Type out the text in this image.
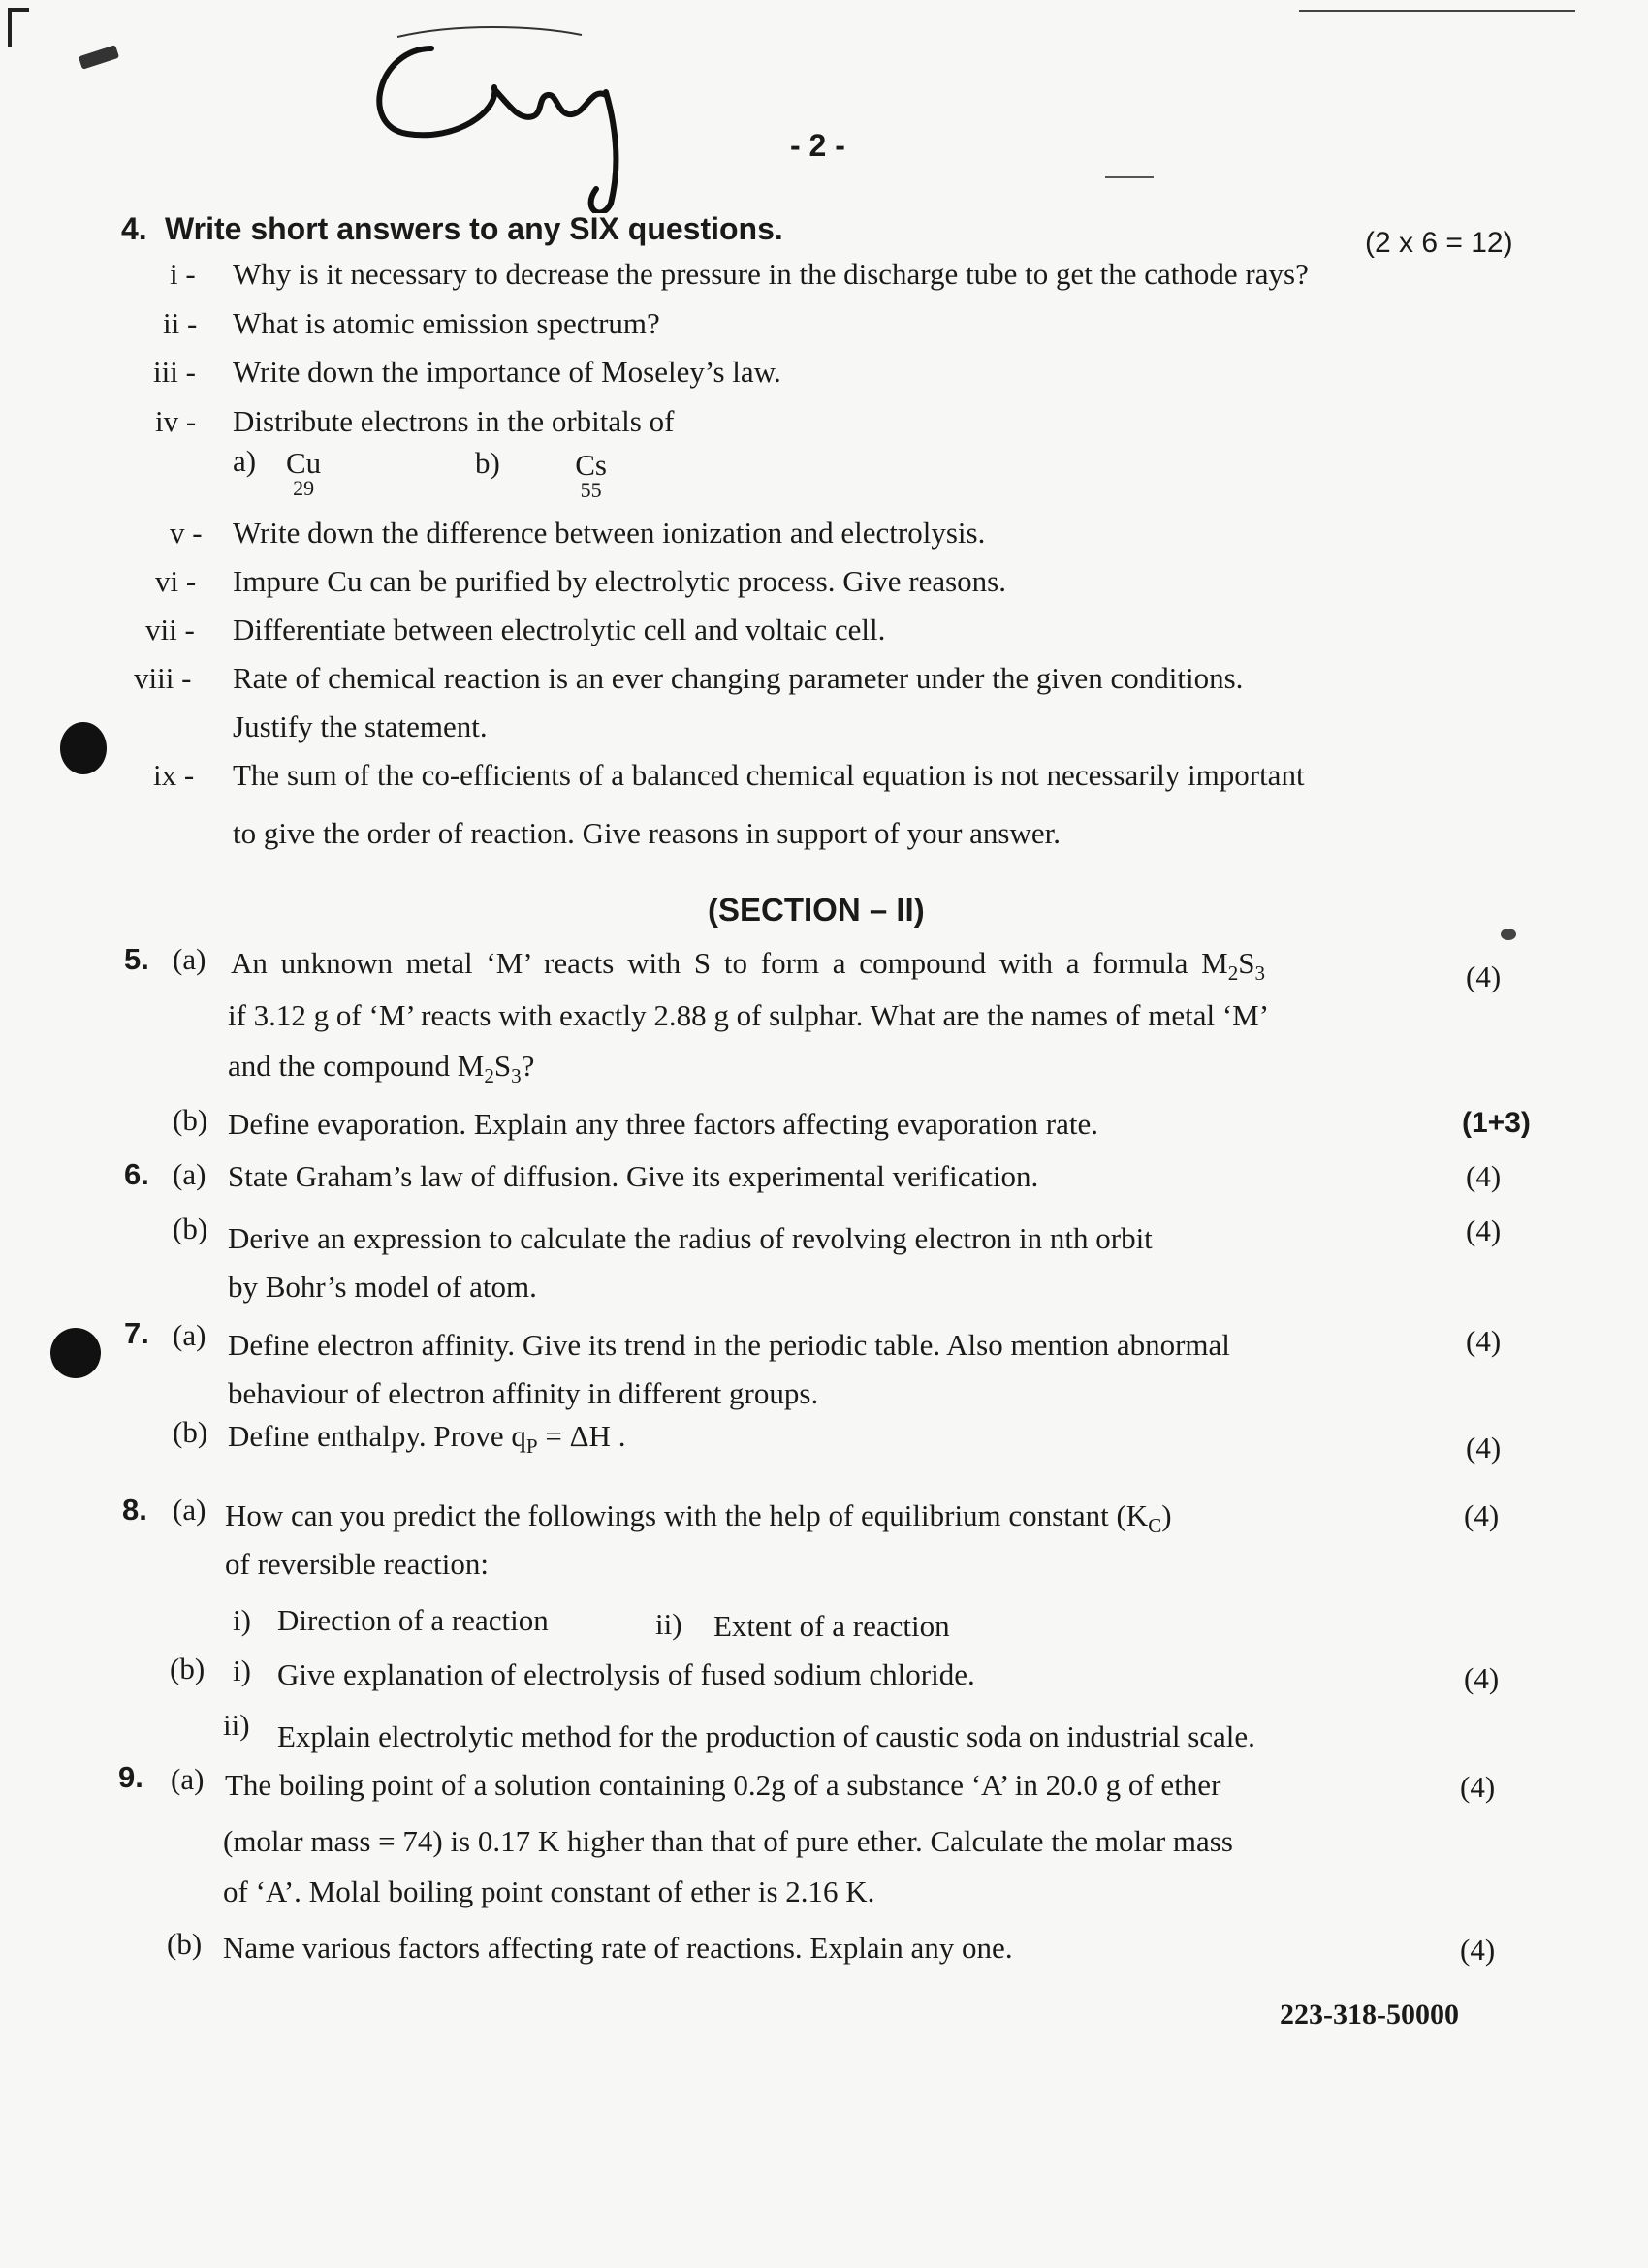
- 2 -
4. Write short answers to any SIX questions.	(2 x 6 = 12)
i - Why is it necessary to decrease the pressure in the discharge tube to get the cathode rays?
ii - What is atomic emission spectrum?
iii - Write down the importance of Moseley’s law.
iv - Distribute electrons in the orbitals of
a) Cu
29

b) Cs
55
v - Write down the difference between ionization and electrolysis.
vi - Impure Cu can be purified by electrolytic process. Give reasons.
vii - Differentiate between electrolytic cell and voltaic cell.
viii - Rate of chemical reaction is an ever changing parameter under the given conditions.
Justify the statement.
ix - The sum of the co-efficients of a balanced chemical equation is not necessarily important
to give the order of reaction. Give reasons in support of your answer.
(SECTION – II)
5. (a) An unknown metal ‘M’ reacts with S to form a compound with a formula $M_2S_3$	(4)
if 3.12 g of ‘M’ reacts with exactly 2.88 g of sulphar. What are the names of metal ‘M’
and the compound $M_2S_3$?
(b) Define evaporation. Explain any three factors affecting evaporation rate.	(1+3)
6. (a) State Graham’s law of diffusion. Give its experimental verification.	(4)
(b) Derive an expression to calculate the radius of revolving electron in nth orbit	(4)
by Bohr’s model of atom.
7. (a) Define electron affinity. Give its trend in the periodic table. Also mention abnormal	(4)
behaviour of electron affinity in different groups.
(b) Define enthalpy. Prove $q_P = \Delta H$ .	(4)
8. (a) How can you predict the followings with the help of equilibrium constant $(K_C)$	(4)
of reversible reaction:
i) Direction of a reaction	ii) Extent of a reaction
(b) i) Give explanation of electrolysis of fused sodium chloride.	(4)
ii) Explain electrolytic method for the production of caustic soda on industrial scale.
9. (a) The boiling point of a solution containing 0.2g of a substance ‘A’ in 20.0 g of ether	(4)
(molar mass = 74) is 0.17 K higher than that of pure ether. Calculate the molar mass
of ‘A’. Molal boiling point constant of ether is 2.16 K.
(b) Name various factors affecting rate of reactions. Explain any one.	(4)
223-318-50000
